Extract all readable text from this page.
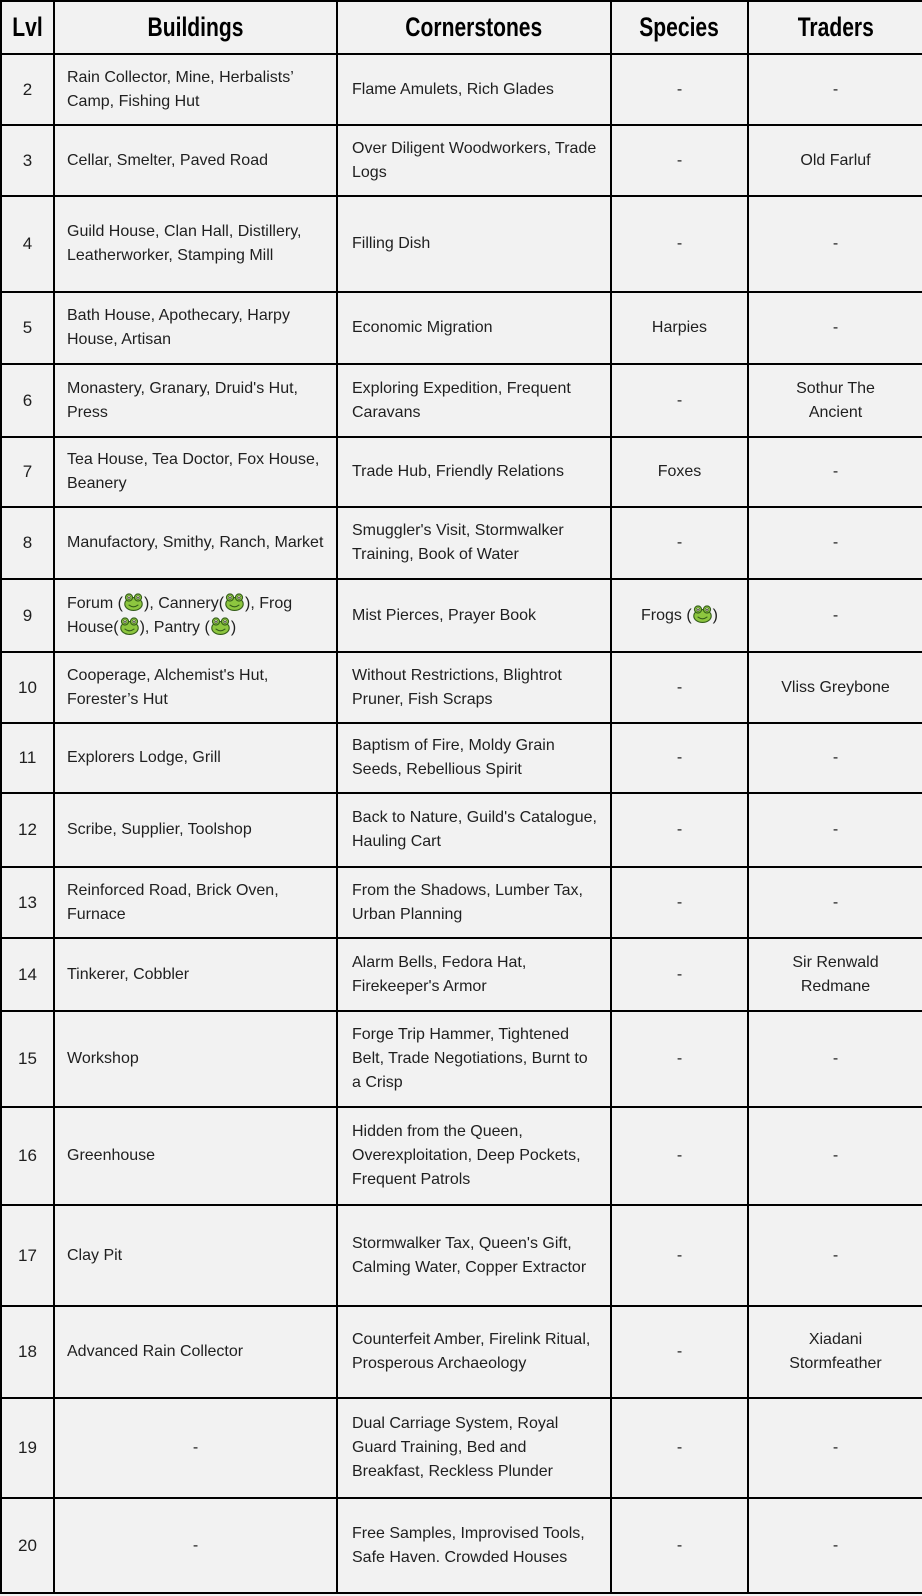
Lvl	Buildings	Cornerstones	Species	Traders
2	Rain Collector, Mine, Herbalists’ Camp, Fishing Hut	Flame Amulets, Rich Glades	-	-
3	Cellar, Smelter, Paved Road	Over Diligent Woodworkers, Trade Logs	-	Old Farluf
4	Guild House, Clan Hall, Distillery, Leatherworker, Stamping Mill	Filling Dish	-	-
5	Bath House, Apothecary, Harpy House, Artisan	Economic Migration	Harpies	-
6	Monastery, Granary, Druid's Hut, Press	Exploring Expedition, Frequent Caravans	-	Sothur The Ancient
7	Tea House, Tea Doctor, Fox House, Beanery	Trade Hub, Friendly Relations	Foxes	-
8	Manufactory, Smithy, Ranch, Market	Smuggler's Visit, Stormwalker Training, Book of Water	-	-
9	Forum ( ), Cannery( ), Frog House( ), Pantry ( )	Mist Pierces, Prayer Book	Frogs ( )	-
10	Cooperage, Alchemist's Hut, Forester’s Hut	Without Restrictions, Blightrot Pruner, Fish Scraps	-	Vliss Greybone
11	Explorers Lodge, Grill	Baptism of Fire, Moldy Grain Seeds, Rebellious Spirit	-	-
12	Scribe, Supplier, Toolshop	Back to Nature, Guild's Catalogue, Hauling Cart	-	-
13	Reinforced Road, Brick Oven, Furnace	From the Shadows, Lumber Tax, Urban Planning	-	-
14	Tinkerer, Cobbler	Alarm Bells, Fedora Hat, Firekeeper's Armor	-	Sir Renwald Redmane
15	Workshop	Forge Trip Hammer, Tightened Belt, Trade Negotiations, Burnt to a Crisp	-	-
16	Greenhouse	Hidden from the Queen, Overexploitation, Deep Pockets, Frequent Patrols	-	-
17	Clay Pit	Stormwalker Tax, Queen's Gift, Calming Water, Copper Extractor	-	-
18	Advanced Rain Collector	Counterfeit Amber, Firelink Ritual, Prosperous Archaeology	-	Xiadani Stormfeather
19	-	Dual Carriage System, Royal Guard Training, Bed and Breakfast, Reckless Plunder	-	-
20	-	Free Samples, Improvised Tools, Safe Haven. Crowded Houses	-	-
